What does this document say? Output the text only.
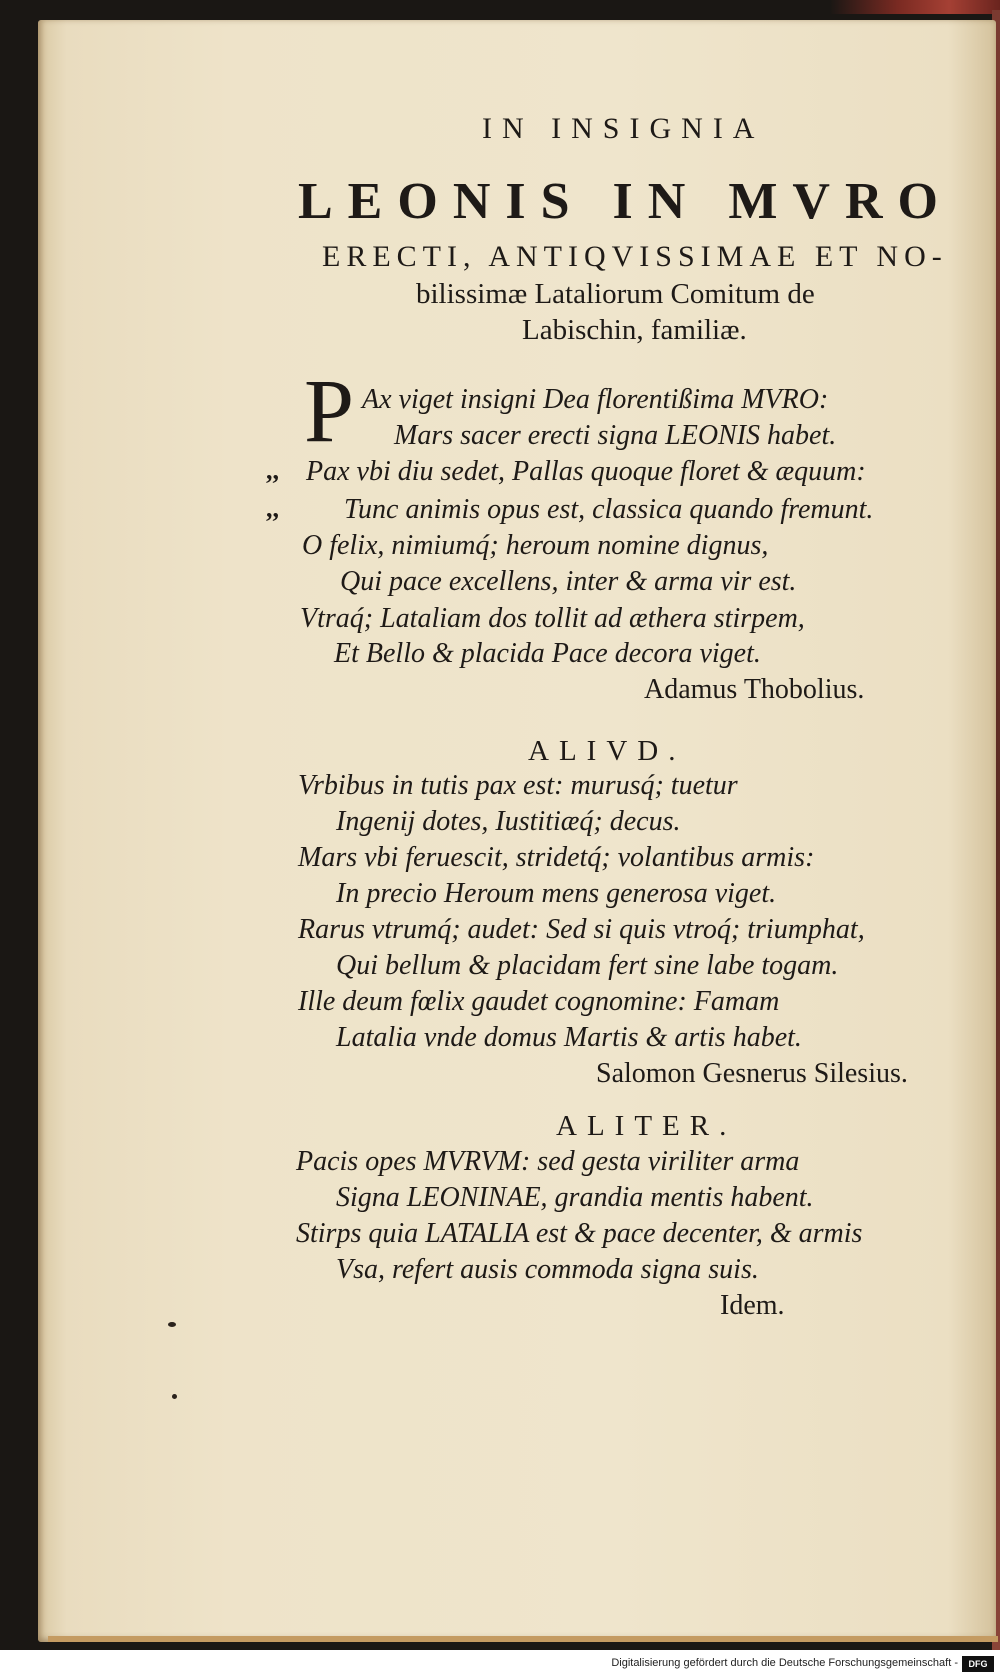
IN INSIGNIA
LEONIS IN MVRO
ERECTI, ANTIQVISSIMAE ET NO-
bilissimæ Lataliorum Comitum de
Labischin, familiæ.
P Ax viget insigni Dea florentißima MVRO:
Mars sacer erecti signa LEONIS habet.
,, Pax vbi diu sedet, Pallas quoque floret & æquum:
,, Tunc animis opus est, classica quando fremunt.
O felix, nimiumq́; heroum nomine dignus,
Qui pace excellens, inter & arma vir est.
Vtraq́; Lataliam dos tollit ad æthera stirpem,
Et Bello & placida Pace decora viget.
Adamus Thobolius.
ALIVD.
Vrbibus in tutis pax est: murusq́; tuetur
Ingenij dotes, Iustitiæq́; decus.
Mars vbi feruescit, stridetq́; volantibus armis:
In precio Heroum mens generosa viget.
Rarus vtrumq́; audet: Sed si quis vtroq́; triumphat,
Qui bellum & placidam fert sine labe togam.
Ille deum fœlix gaudet cognomine: Famam
Latalia vnde domus Martis & artis habet.
Salomon Gesnerus Silesius.
ALITER.
Pacis opes MVRVM: sed gesta viriliter arma
Signa LEONINAE, grandia mentis habent.
Stirps quia LATALIA est & pace decenter, & armis
Vsa, refert ausis commoda signa suis.
Idem.
Digitalisierung gefördert durch die Deutsche Forschungsgemeinschaft -	DFG
